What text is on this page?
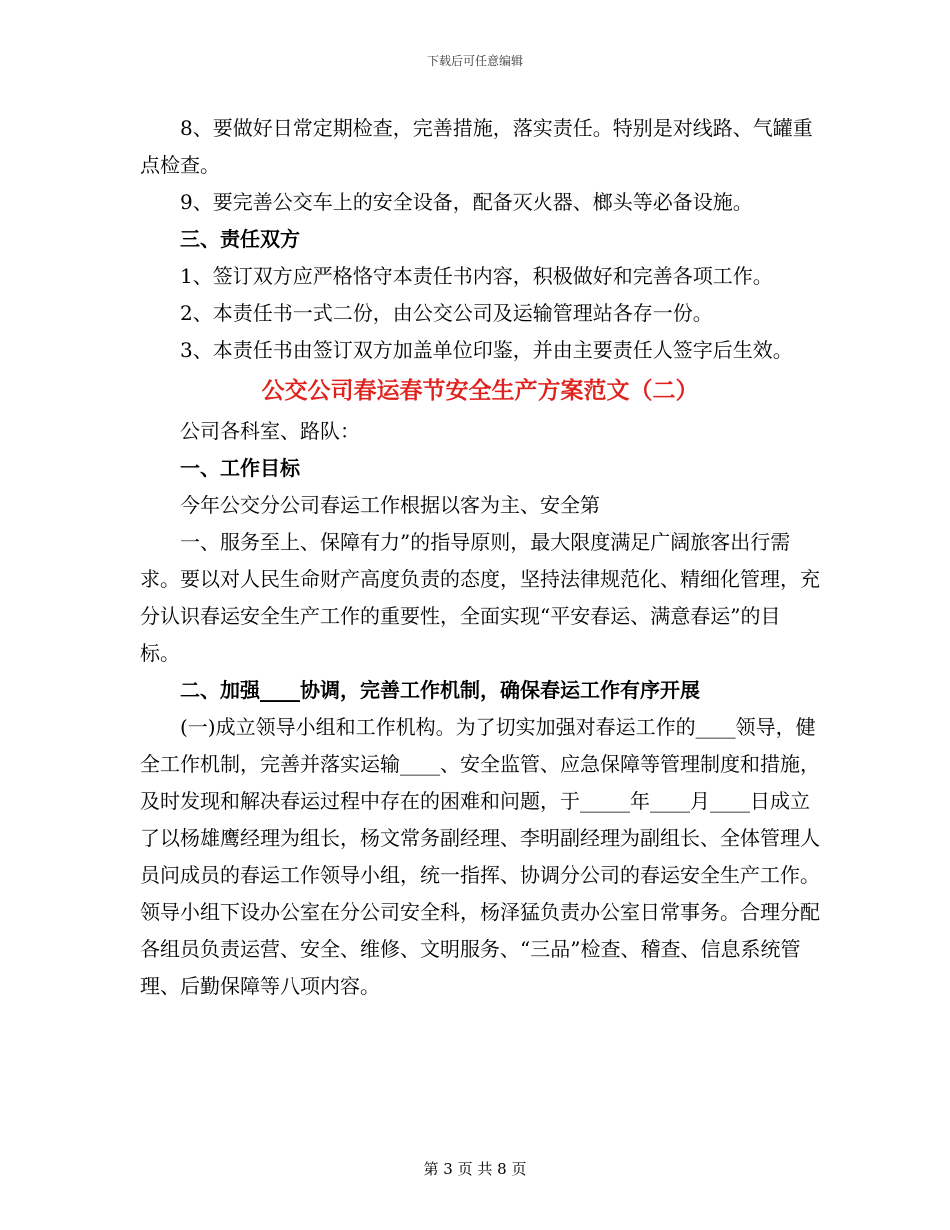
下载后可任意编辑

8、要做好日常定期检查，完善措施，落实责任。特别是对线路、气罐重点检查。

9、要完善公交车上的安全设备，配备灭火器、榔头等必备设施。

三、责任双方

1、签订双方应严格恪守本责任书内容，积极做好和完善各项工作。

2、本责任书一式二份，由公交公司及运输管理站各存一份。

3、本责任书由签订双方加盖单位印鉴，并由主要责任人签字后生效。

公交公司春运春节安全生产方案范文（二）

公司各科室、路队：

一、工作目标

今年公交分公司春运工作根据以客为主、安全第

一、服务至上、保障有力”的指导原则，最大限度满足广阔旅客出行需求。要以对人民生命财产高度负责的态度，坚持法律规范化、精细化管理，充分认识春运安全生产工作的重要性，全面实现“平安春运、满意春运”的目标。

二、加强____协调，完善工作机制，确保春运工作有序开展

(一)成立领导小组和工作机构。为了切实加强对春运工作的____领导，健全工作机制，完善并落实运输____、安全监管、应急保障等管理制度和措施，及时发现和解决春运过程中存在的困难和问题，于_____年____月____日成立了以杨雄鹰经理为组长，杨文常务副经理、李明副经理为副组长、全体管理人员问成员的春运工作领导小组，统一指挥、协调分公司的春运安全生产工作。领导小组下设办公室在分公司安全科，杨泽猛负责办公室日常事务。合理分配各组员负责运营、安全、维修、文明服务、“三品”检查、稽查、信息系统管理、后勤保障等八项内容。

第 3 页 共 8 页
